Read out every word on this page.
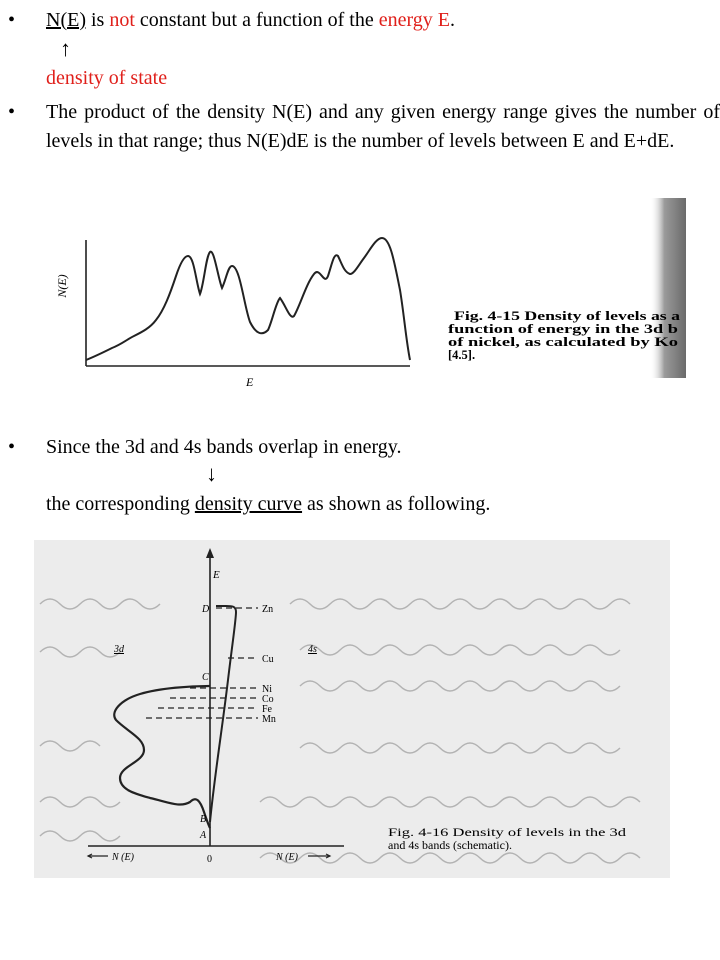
• N(E) is not constant but a function of the energy E.
↑
density of state
• The product of the density N(E) and any given energy range gives the number of levels in that range; thus N(E)dE is the number of levels between E and E+dE.
N(E)
E
Fig. 4-15 Density of levels as a
function of energy in the 3d b
of nickel, as calculated by Ko
[4.5].
• Since the 3d and 4s bands overlap in energy.
↓
the corresponding density curve as shown as following.
E
D
C
B
A
0
3d	4s
Zn
Cu
Ni
Co
Fe
Mn
N (E)	N (E)
Fig. 4-16 Density of levels in the 3d
and 4s bands (schematic).
